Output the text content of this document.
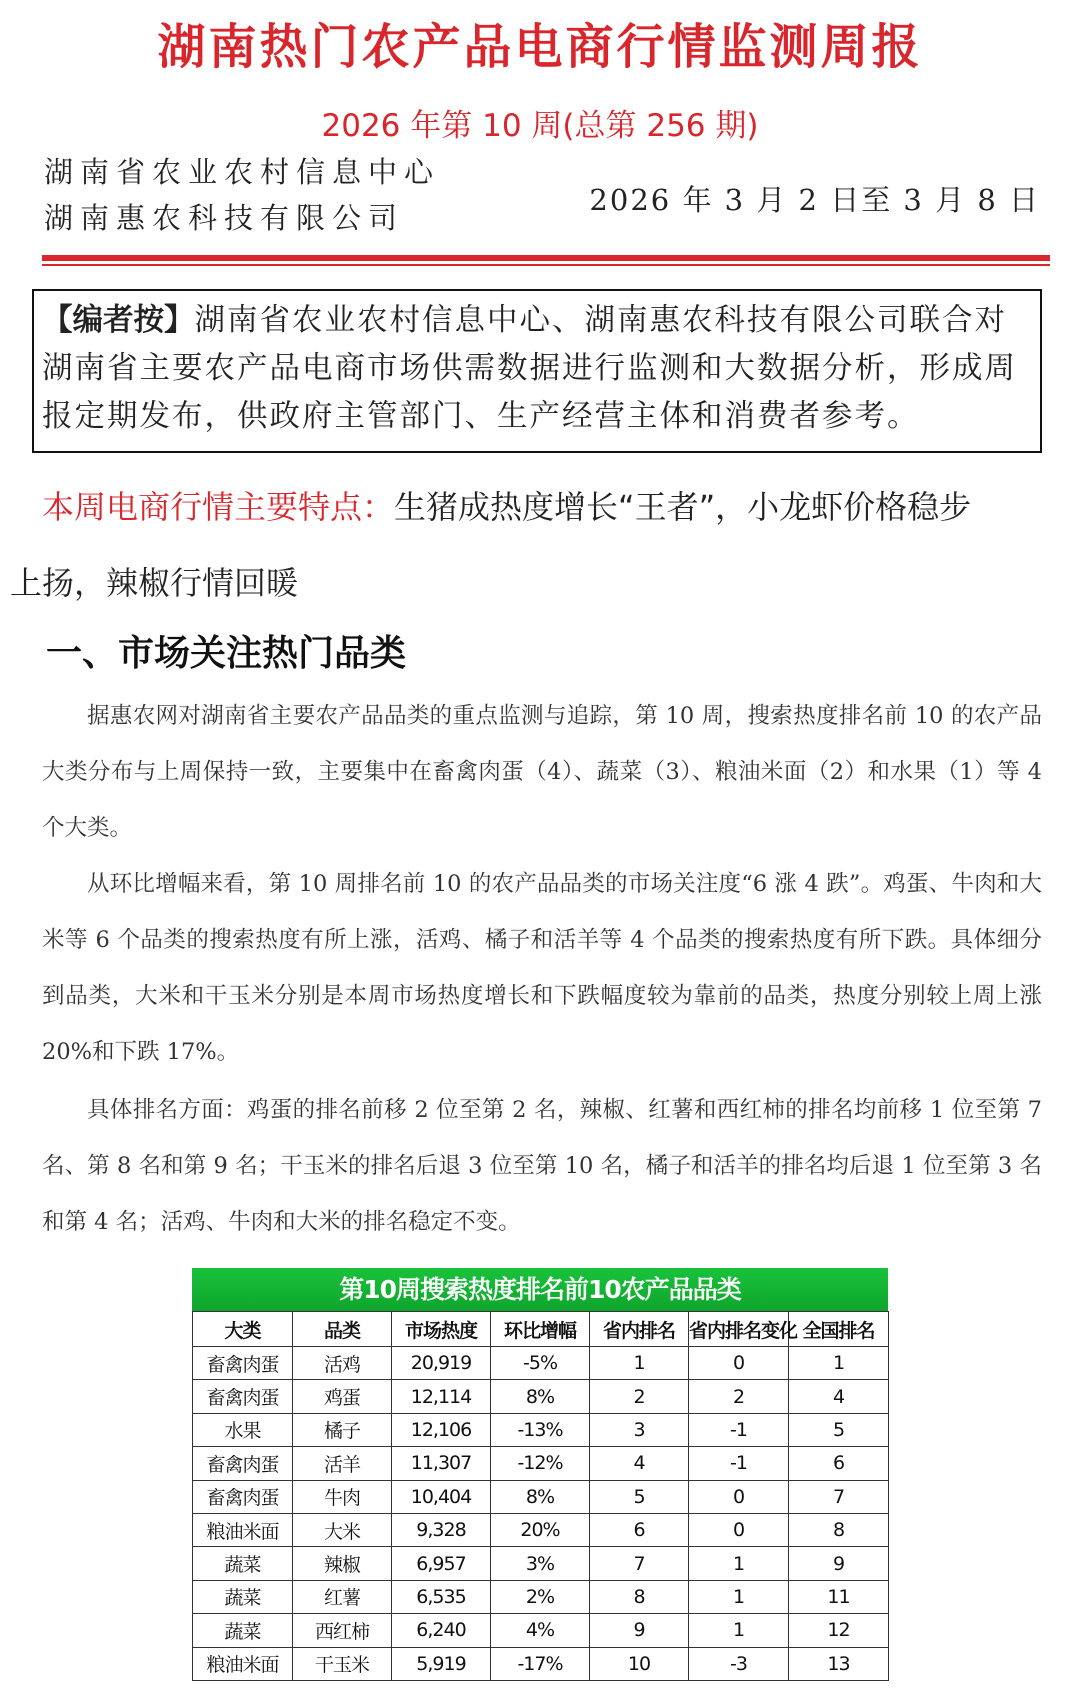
湖南热门农产品电商行情监测周报
2026 年第 10 周(总第 256 期)
湖南省农业农村信息中心
湖南惠农科技有限公司
2026 年 3 月 2 日至 3 月 8 日
【编者按】湖南省农业农村信息中心、湖南惠农科技有限公司联合对湖南省主要农产品电商市场供需数据进行监测和大数据分析，形成周报定期发布，供政府主管部门、生产经营主体和消费者参考。
本周电商行情主要特点：生猪成热度增长“王者”，小龙虾价格稳步
上扬，辣椒行情回暖
一、市场关注热门品类

据惠农网对湖南省主要农产品品类的重点监测与追踪，第 10 周，搜索热度排名前 10 的农产品大类分布与上周保持一致，主要集中在畜禽肉蛋（4）、蔬菜（3）、粮油米面（2）和水果（1）等 4 个大类。

从环比增幅来看，第 10 周排名前 10 的农产品品类的市场关注度“6 涨 4 跌”。鸡蛋、牛肉和大米等 6 个品类的搜索热度有所上涨，活鸡、橘子和活羊等 4 个品类的搜索热度有所下跌。具体细分到品类，大米和干玉米分别是本周市场热度增长和下跌幅度较为靠前的品类，热度分别较上周上涨 20%和下跌 17%。

具体排名方面：鸡蛋的排名前移 2 位至第 2 名，辣椒、红薯和西红柿的排名均前移 1 位至第 7 名、第 8 名和第 9 名；干玉米的排名后退 3 位至第 10 名，橘子和活羊的排名均后退 1 位至第 3 名和第 4 名；活鸡、牛肉和大米的排名稳定不变。

第10周搜索热度排名前10农产品品类
大类	品类	市场热度	环比增幅	省内排名	省内排名变化	全国排名
畜禽肉蛋	活鸡	20,919	-5%	1	0	1
畜禽肉蛋	鸡蛋	12,114	8%	2	2	4
水果	橘子	12,106	-13%	3	-1	5
畜禽肉蛋	活羊	11,307	-12%	4	-1	6
畜禽肉蛋	牛肉	10,404	8%	5	0	7
粮油米面	大米	9,328	20%	6	0	8
蔬菜	辣椒	6,957	3%	7	1	9
蔬菜	红薯	6,535	2%	8	1	11
蔬菜	西红柿	6,240	4%	9	1	12
粮油米面	干玉米	5,919	-17%	10	-3	13
